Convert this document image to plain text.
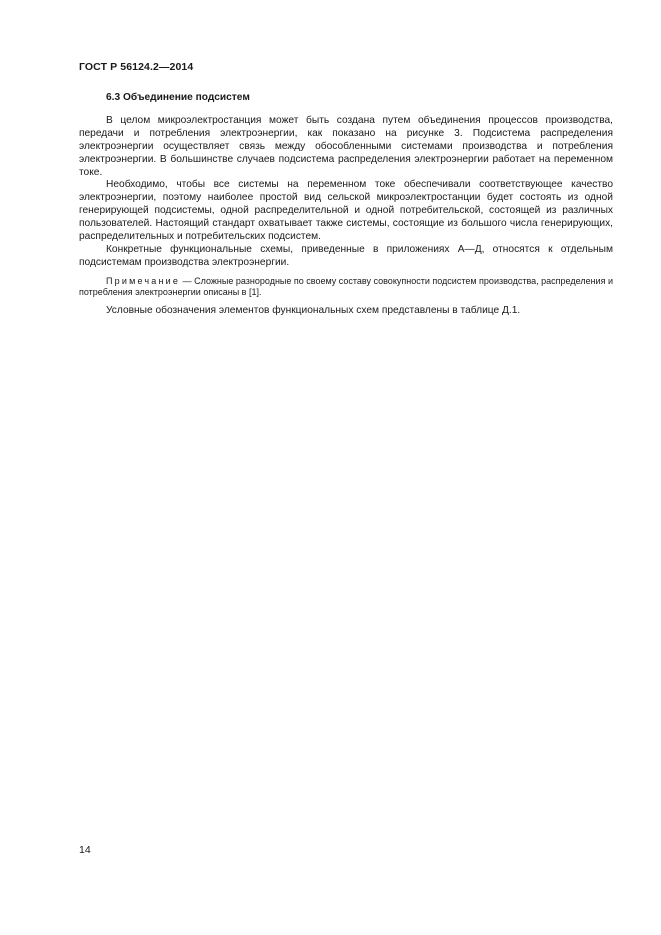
ГОСТ Р 56124.2—2014
6.3 Объединение подсистем

В целом микроэлектростанция может быть создана путем объединения процессов производства, передачи и потребления электроэнергии, как показано на рисунке 3. Подсистема распределения электроэнергии осуществляет связь между обособленными системами производства и потребления электроэнергии. В большинстве случаев подсистема распределения электроэнергии работает на переменном токе.

Необходимо, чтобы все системы на переменном токе обеспечивали соответствующее качество электроэнергии, поэтому наиболее простой вид сельской микроэлектростанции будет состоять из одной генерирующей подсистемы, одной распределительной и одной потребительской, состоящей из различных пользователей. Настоящий стандарт охватывает также системы, состоящие из большого числа генерирующих, распределительных и потребительских подсистем.

Конкретные функциональные схемы, приведенные в приложениях А—Д, относятся к отдельным подсистемам производства электроэнергии.

Примечание — Сложные разнородные по своему составу совокупности подсистем производства, распределения и потребления электроэнергии описаны в [1].

Условные обозначения элементов функциональных схем представлены в таблице Д.1.

14
